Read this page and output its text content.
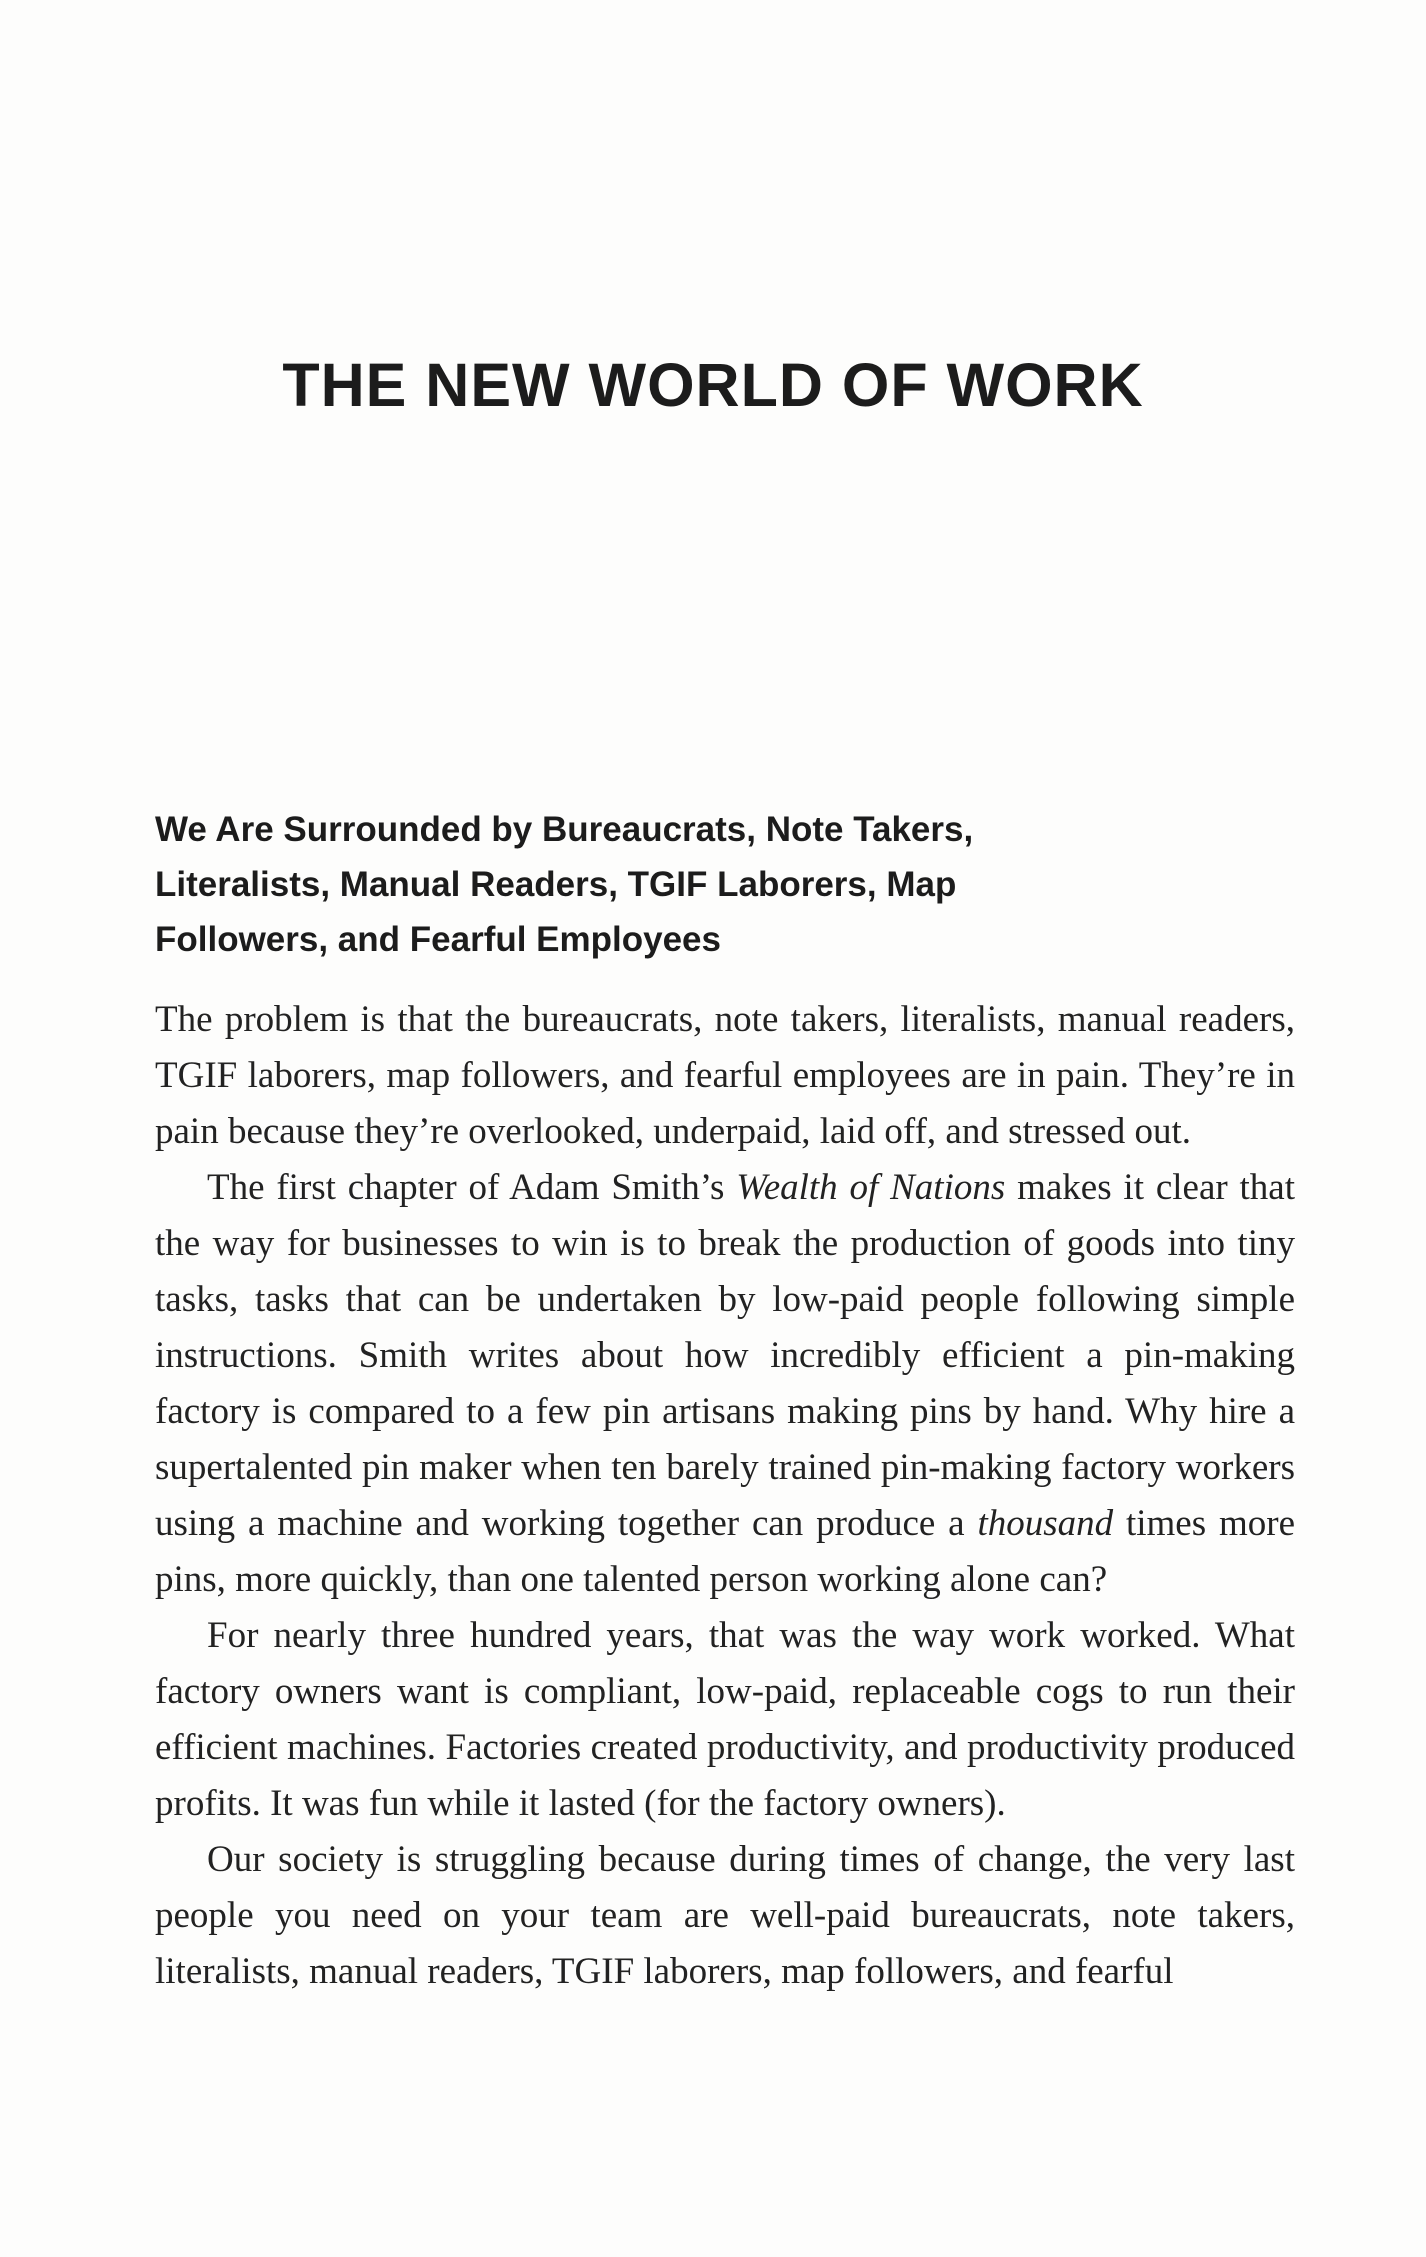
THE NEW WORLD OF WORK
We Are Surrounded by Bureaucrats, Note Takers,
Literalists, Manual Readers, TGIF Laborers, Map
Followers, and Fearful Employees

The problem is that the bureaucrats, note takers, literalists, manual readers, TGIF laborers, map followers, and fearful employees are in pain. They’re in pain because they’re overlooked, underpaid, laid off, and stressed out.

The first chapter of Adam Smith’s Wealth of Nations makes it clear that the way for businesses to win is to break the production of goods into tiny tasks, tasks that can be undertaken by low-paid people following simple instructions. Smith writes about how incredibly efficient a pin-making factory is compared to a few pin artisans making pins by hand. Why hire a supertalented pin maker when ten barely trained pin-making factory workers using a machine and working together can produce a thousand times more pins, more quickly, than one talented person working alone can?

For nearly three hundred years, that was the way work worked. What factory owners want is compliant, low-paid, replaceable cogs to run their efficient machines. Factories created productivity, and productivity produced profits. It was fun while it lasted (for the factory owners).

Our society is struggling because during times of change, the very last people you need on your team are well-paid bureaucrats, note takers, literalists, manual readers, TGIF laborers, map followers, and fearful
